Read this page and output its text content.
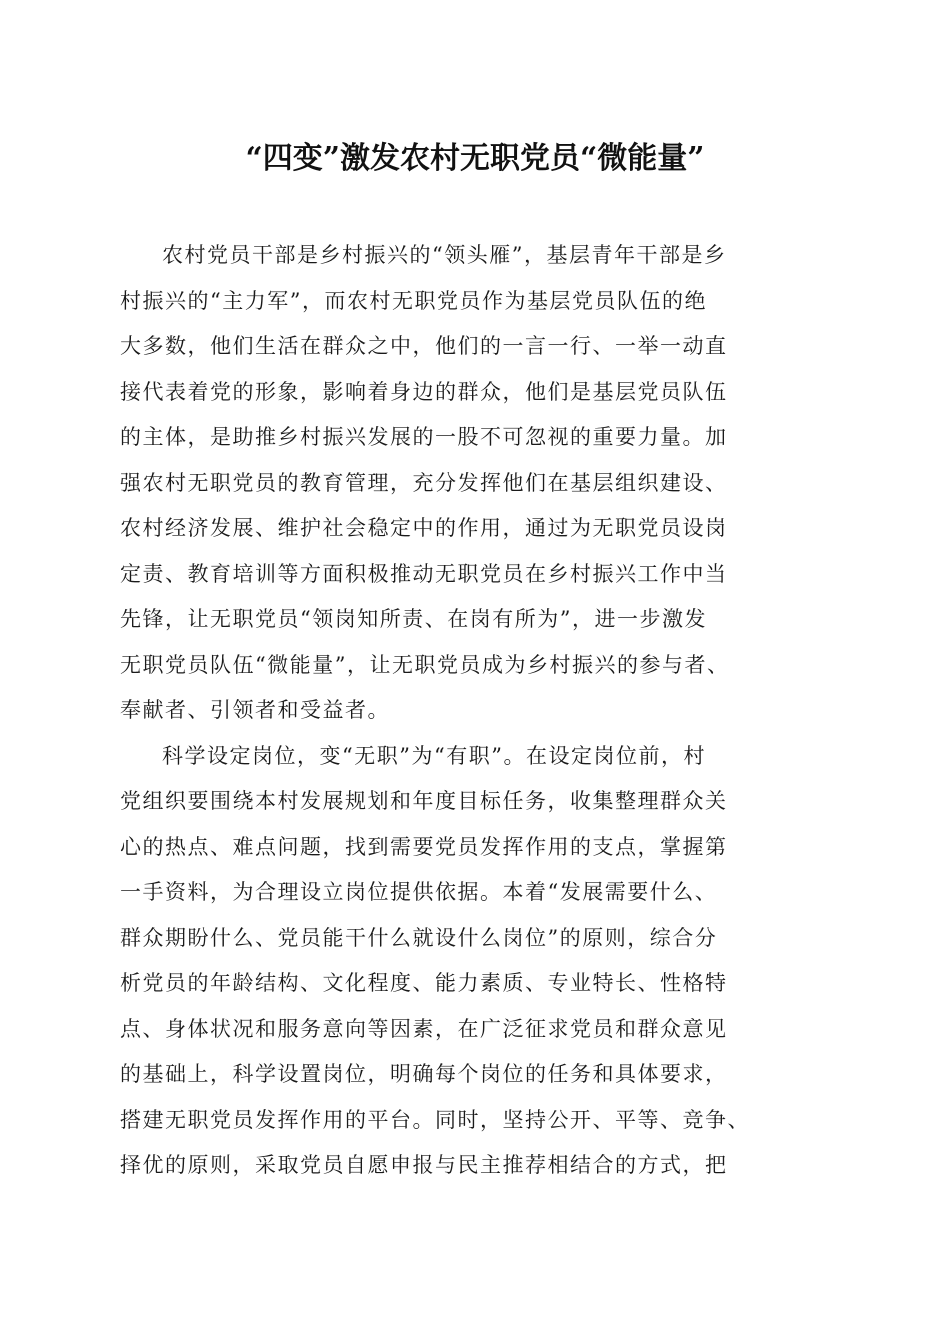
“四变”激发农村无职党员“微能量”
农村党员干部是乡村振兴的“领头雁”，基层青年干部是乡
村振兴的“主力军”，而农村无职党员作为基层党员队伍的绝
大多数，他们生活在群众之中，他们的一言一行、一举一动直
接代表着党的形象，影响着身边的群众，他们是基层党员队伍
的主体，是助推乡村振兴发展的一股不可忽视的重要力量。加
强农村无职党员的教育管理，充分发挥他们在基层组织建设、
农村经济发展、维护社会稳定中的作用，通过为无职党员设岗
定责、教育培训等方面积极推动无职党员在乡村振兴工作中当
先锋，让无职党员“领岗知所责、在岗有所为”，进一步激发
无职党员队伍“微能量”，让无职党员成为乡村振兴的参与者、
奉献者、引领者和受益者。
科学设定岗位，变“无职”为“有职”。在设定岗位前，村
党组织要围绕本村发展规划和年度目标任务，收集整理群众关
心的热点、难点问题，找到需要党员发挥作用的支点，掌握第
一手资料，为合理设立岗位提供依据。本着“发展需要什么、
群众期盼什么、党员能干什么就设什么岗位”的原则，综合分
析党员的年龄结构、文化程度、能力素质、专业特长、性格特
点、身体状况和服务意向等因素，在广泛征求党员和群众意见
的基础上，科学设置岗位，明确每个岗位的任务和具体要求，
搭建无职党员发挥作用的平台。同时，坚持公开、平等、竞争、
择优的原则，采取党员自愿申报与民主推荐相结合的方式，把
